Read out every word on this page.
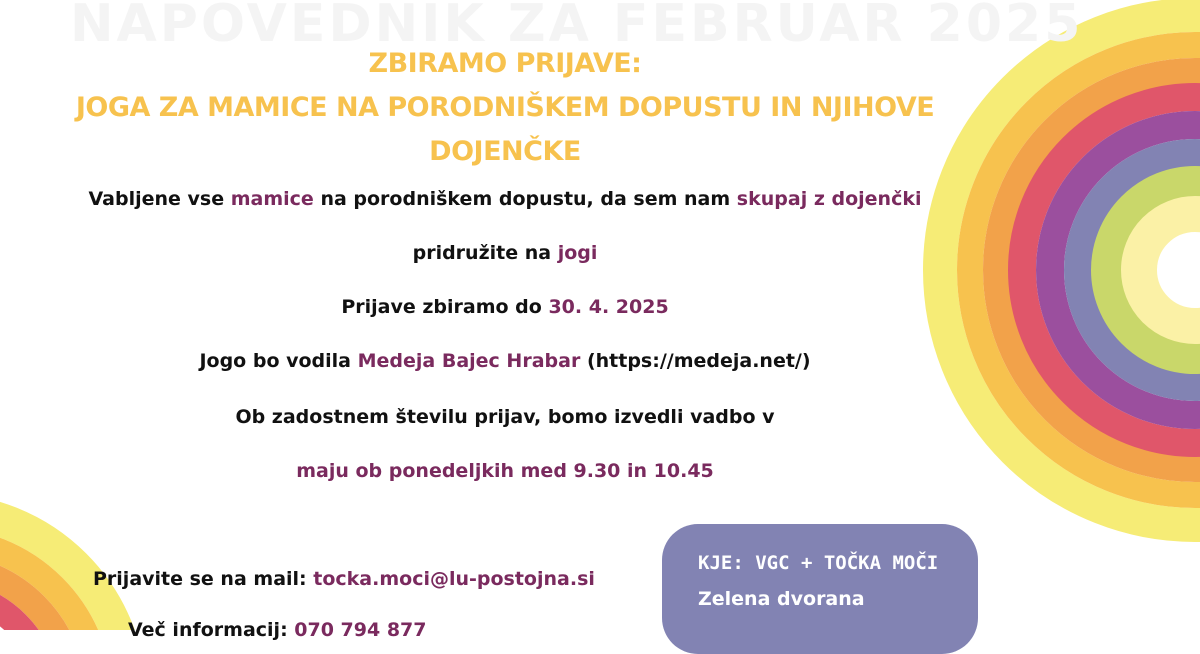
NAPOVEDNIK ZA FEBRUAR 2025

ZBIRAMO PRIJAVE:
JOGA ZA MAMICE NA PORODNIŠKEM DOPUSTU IN NJIHOVE
DOJENČKE

Vabljene vse mamice na porodniškem dopustu, da sem nam skupaj z dojenčki

pridružite na jogi

Prijave zbiramo do 30. 4. 2025

Jogo bo vodila Medeja Bajec Hrabar (https://medeja.net/)

Ob zadostnem številu prijav, bomo izvedli vadbo v

maju ob ponedeljkih med 9.30 in 10.45

Prijavite se na mail: tocka.moci@lu-postojna.si

Več informacij: 070 794 877

KJE: VGC + TOČKA MOČI

Zelena dvorana
